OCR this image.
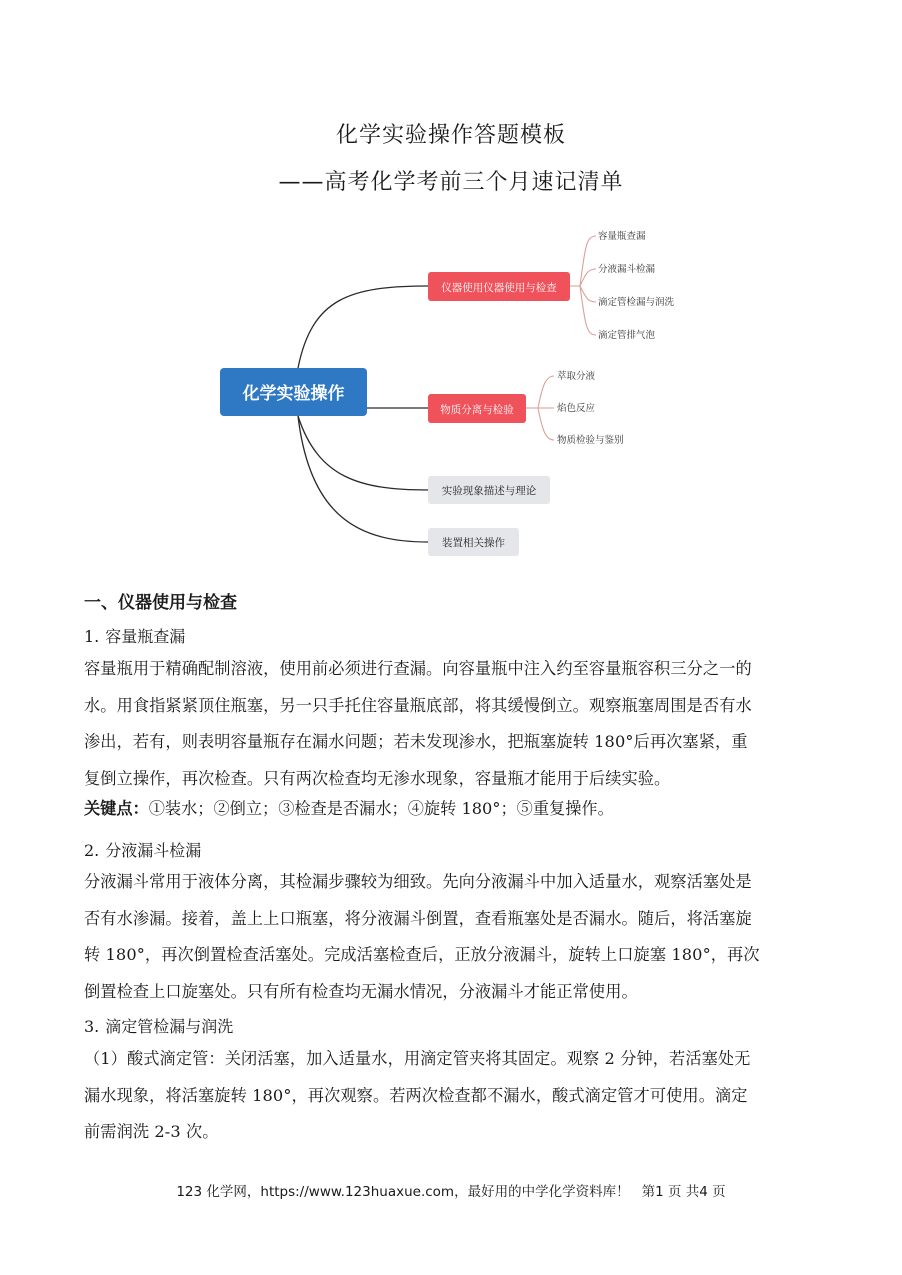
化学实验操作答题模板
——高考化学考前三个月速记清单
化学实验操作
仪器使用仪器使用与检查
物质分离与检验
实验现象描述与理论
装置相关操作
容量瓶查漏
分液漏斗检漏
滴定管检漏与润洗
滴定管排气泡
萃取分液
焰色反应
物质检验与鉴别
一、仪器使用与检查
1. 容量瓶查漏
容量瓶用于精确配制溶液，使用前必须进行查漏。向容量瓶中注入约至容量瓶容积三分之一的
水。用食指紧紧顶住瓶塞，另一只手托住容量瓶底部，将其缓慢倒立。观察瓶塞周围是否有水
渗出，若有，则表明容量瓶存在漏水问题；若未发现渗水，把瓶塞旋转 180°后再次塞紧，重
复倒立操作，再次检查。只有两次检查均无渗水现象，容量瓶才能用于后续实验。
关键点：①装水；②倒立；③检查是否漏水；④旋转 180°；⑤重复操作。
2. 分液漏斗检漏
分液漏斗常用于液体分离，其检漏步骤较为细致。先向分液漏斗中加入适量水，观察活塞处是
否有水渗漏。接着，盖上上口瓶塞，将分液漏斗倒置，查看瓶塞处是否漏水。随后，将活塞旋
转 180°，再次倒置检查活塞处。完成活塞检查后，正放分液漏斗，旋转上口旋塞 180°，再次
倒置检查上口旋塞处。只有所有检查均无漏水情况，分液漏斗才能正常使用。
3. 滴定管检漏与润洗
（1）酸式滴定管：关闭活塞，加入适量水，用滴定管夹将其固定。观察 2 分钟，若活塞处无
漏水现象，将活塞旋转 180°，再次观察。若两次检查都不漏水，酸式滴定管才可使用。滴定
前需润洗 2-3 次。
123 化学网，https://www.123huaxue.com，最好用的中学化学资料库！ 第1 页 共4 页
